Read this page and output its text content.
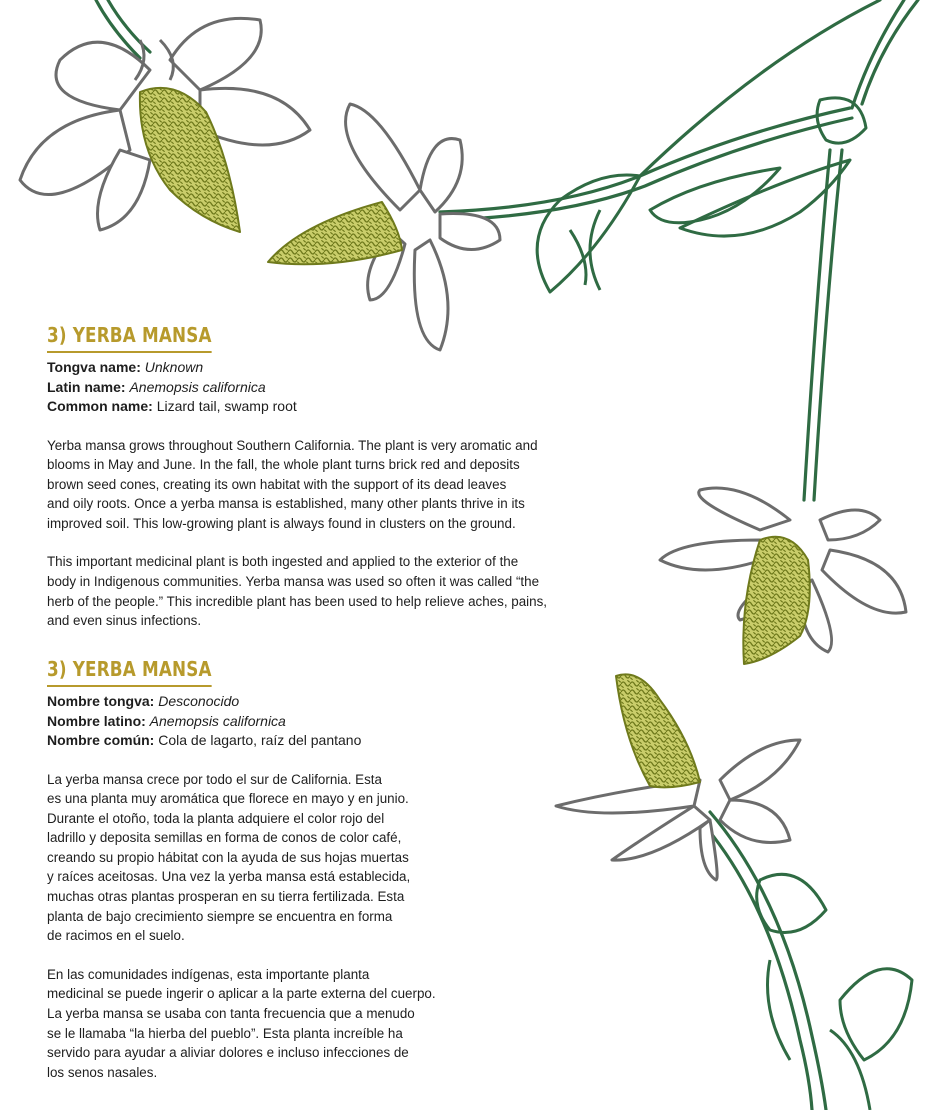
3) YERBA MANSA

Tongva name: Unknown

Latin name: Anemopsis californica

Common name: Lizard tail, swamp root

Yerba mansa grows throughout Southern California. The plant is very aromatic and
blooms in May and June. In the fall, the whole plant turns brick red and deposits
brown seed cones, creating its own habitat with the support of its dead leaves
and oily roots. Once a yerba mansa is established, many other plants thrive in its
improved soil. This low-growing plant is always found in clusters on the ground.

This important medicinal plant is both ingested and applied to the exterior of the
body in Indigenous communities. Yerba mansa was used so often it was called “the
herb of the people.” This incredible plant has been used to help relieve aches, pains,
and even sinus infections.

3) YERBA MANSA

Nombre tongva: Desconocido

Nombre latino: Anemopsis californica

Nombre común: Cola de lagarto, raíz del pantano

La yerba mansa crece por todo el sur de California. Esta
es una planta muy aromática que florece en mayo y en junio.
Durante el otoño, toda la planta adquiere el color rojo del
ladrillo y deposita semillas en forma de conos de color café,
creando su propio hábitat con la ayuda de sus hojas muertas
y raíces aceitosas. Una vez la yerba mansa está establecida,
muchas otras plantas prosperan en su tierra fertilizada. Esta
planta de bajo crecimiento siempre se encuentra en forma
de racimos en el suelo.

En las comunidades indígenas, esta importante planta
medicinal se puede ingerir o aplicar a la parte externa del cuerpo.
La yerba mansa se usaba con tanta frecuencia que a menudo
se le llamaba “la hierba del pueblo”. Esta planta increíble ha
servido para ayudar a aliviar dolores e incluso infecciones de
los senos nasales.
